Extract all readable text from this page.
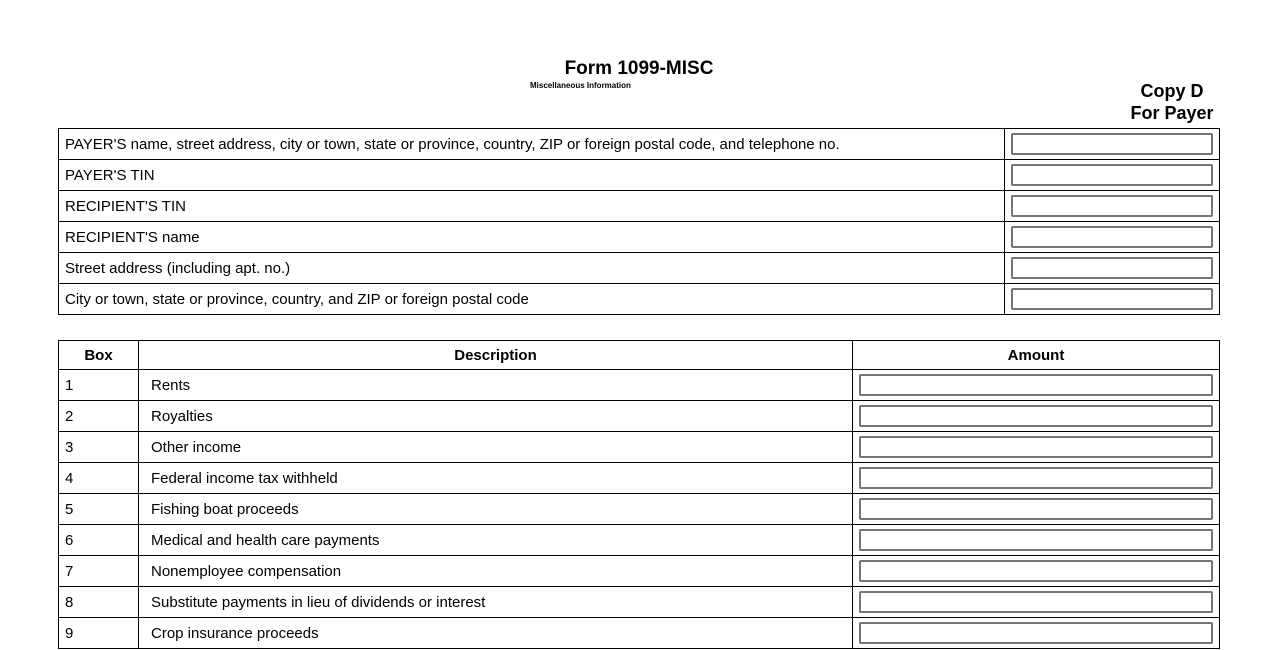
Form 1099-MISC
Miscellaneous Information	Copy D
For Payer
PAYER'S name, street address, city or town, state or province, country, ZIP or foreign postal code, and telephone no.	

PAYER'S TIN	

RECIPIENT'S TIN	

RECIPIENT'S name	

Street address (including apt. no.)	

City or town, state or province, country, and ZIP or foreign postal code	
Box	Description	Amount
1	Rents	

2	Royalties	

3	Other income	

4	Federal income tax withheld	

5	Fishing boat proceeds	

6	Medical and health care payments	

7	Nonemployee compensation	

8	Substitute payments in lieu of dividends or interest	

9	Crop insurance proceeds	
